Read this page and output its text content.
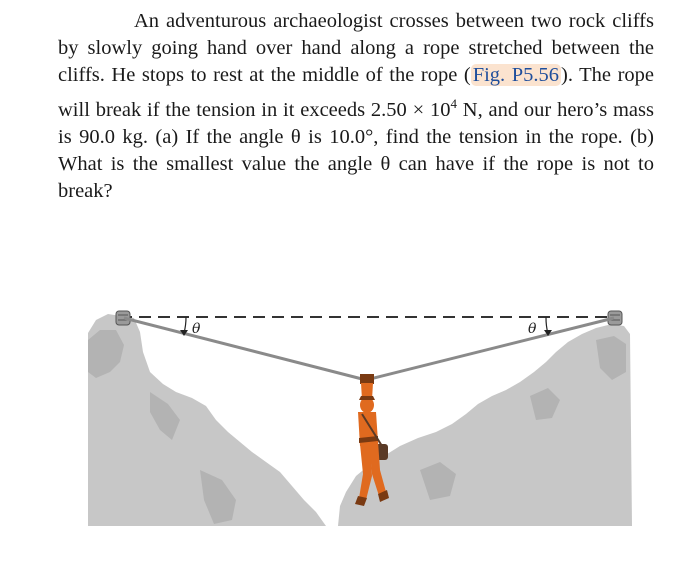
An adventurous archaeologist crosses between two rock cliffs by slowly going hand over hand along a rope stretched between the cliffs. He stops to rest at the middle of the rope (Fig. P5.56). The rope will break if the tension in it exceeds $2.50 \times 10^4$ N, and our hero’s mass is 90.0 kg. (a) If the angle θ is 10.0°, find the tension in the rope. (b) What is the smallest value the angle θ can have if the rope is not to break?

θ	θ
